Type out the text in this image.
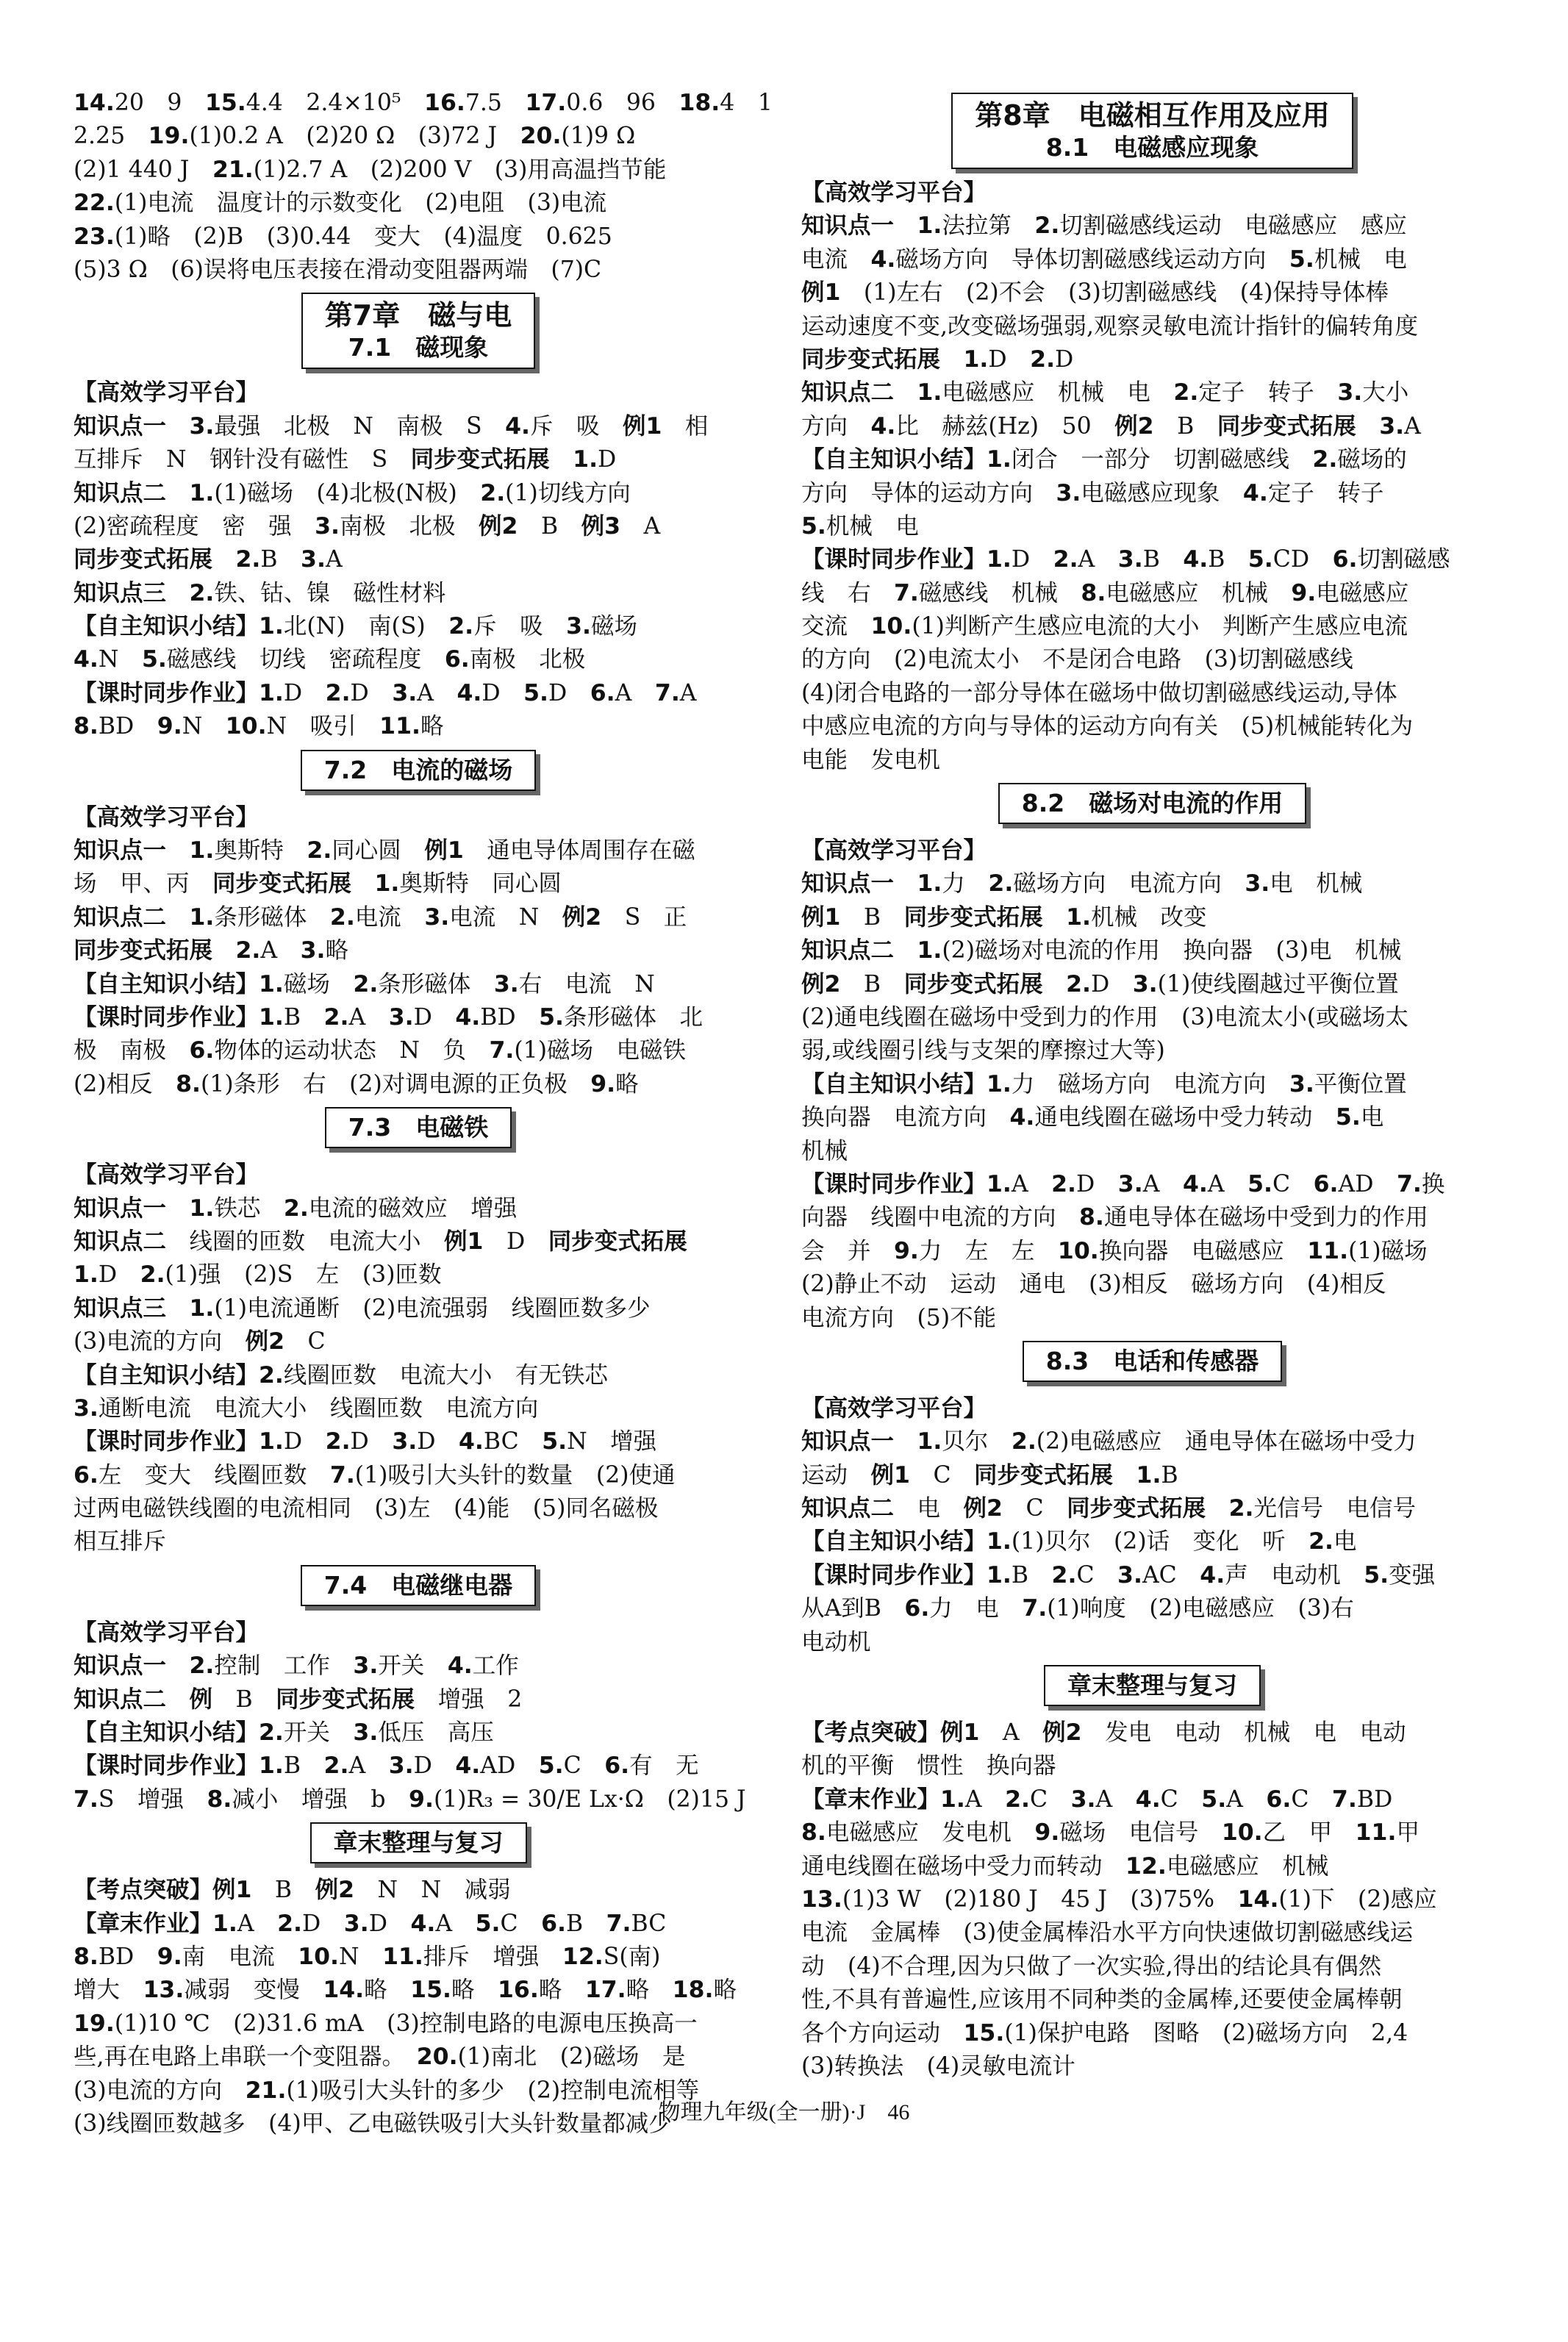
14.20　9　15.4.4　2.4×10⁵　16.7.5　17.0.6　96　18.4　1
2.25　19.(1)0.2 A　(2)20 Ω　(3)72 J　20.(1)9 Ω
(2)1 440 J　21.(1)2.7 A　(2)200 V　(3)用高温挡节能
22.(1)电流　温度计的示数变化　(2)电阻　(3)电流
23.(1)略　(2)B　(3)0.44　变大　(4)温度　0.625
(5)3 Ω　(6)误将电压表接在滑动变阻器两端　(7)C
第7章　磁与电
7.1　磁现象
【高效学习平台】
知识点一　3.最强　北极　N　南极　S　4.斥　吸　例1　相
互排斥　N　钢针没有磁性　S　同步变式拓展　1.D
知识点二　1.(1)磁场　(4)北极(N极)　2.(1)切线方向
(2)密疏程度　密　强　3.南极　北极　例2　B　例3　A
同步变式拓展　2.B　3.A
知识点三　2.铁、钴、镍　磁性材料
【自主知识小结】1.北(N)　南(S)　2.斥　吸　3.磁场
4.N　5.磁感线　切线　密疏程度　6.南极　北极
【课时同步作业】1.D　2.D　3.A　4.D　5.D　6.A　7.A
8.BD　9.N　10.N　吸引　11.略
7.2　电流的磁场
【高效学习平台】
知识点一　1.奥斯特　2.同心圆　例1　通电导体周围存在磁
场　甲、丙　同步变式拓展　1.奥斯特　同心圆
知识点二　1.条形磁体　2.电流　3.电流　N　例2　S　正
同步变式拓展　2.A　3.略
【自主知识小结】1.磁场　2.条形磁体　3.右　电流　N
【课时同步作业】1.B　2.A　3.D　4.BD　5.条形磁体　北
极　南极　6.物体的运动状态　N　负　7.(1)磁场　电磁铁
(2)相反　8.(1)条形　右　(2)对调电源的正负极　9.略
7.3　电磁铁
【高效学习平台】
知识点一　1.铁芯　2.电流的磁效应　增强
知识点二　线圈的匝数　电流大小　例1　D　同步变式拓展
1.D　2.(1)强　(2)S　左　(3)匝数
知识点三　1.(1)电流通断　(2)电流强弱　线圈匝数多少
(3)电流的方向　例2　C
【自主知识小结】2.线圈匝数　电流大小　有无铁芯
3.通断电流　电流大小　线圈匝数　电流方向
【课时同步作业】1.D　2.D　3.D　4.BC　5.N　增强
6.左　变大　线圈匝数　7.(1)吸引大头针的数量　(2)使通
过两电磁铁线圈的电流相同　(3)左　(4)能　(5)同名磁极
相互排斥
7.4　电磁继电器
【高效学习平台】
知识点一　2.控制　工作　3.开关　4.工作
知识点二　例　B　同步变式拓展　增强　2
【自主知识小结】2.开关　3.低压　高压
【课时同步作业】1.B　2.A　3.D　4.AD　5.C　6.有　无
7.S　增强　8.减小　增强　b　9.(1)R₃ = 30/E Lx·Ω　(2)15 J
章末整理与复习
【考点突破】例1　B　例2　N　N　减弱
【章末作业】1.A　2.D　3.D　4.A　5.C　6.B　7.BC
8.BD　9.南　电流　10.N　11.排斥　增强　12.S(南)
增大　13.减弱　变慢　14.略　15.略　16.略　17.略　18.略
19.(1)10 ℃　(2)31.6 mA　(3)控制电路的电源电压换高一
些,再在电路上串联一个变阻器。　20.(1)南北　(2)磁场　是
(3)电流的方向　21.(1)吸引大头针的多少　(2)控制电流相等
(3)线圈匝数越多　(4)甲、乙电磁铁吸引大头针数量都减少
第8章　电磁相互作用及应用
8.1　电磁感应现象
【高效学习平台】
知识点一　1.法拉第　2.切割磁感线运动　电磁感应　感应
电流　4.磁场方向　导体切割磁感线运动方向　5.机械　电
例1　(1)左右　(2)不会　(3)切割磁感线　(4)保持导体棒
运动速度不变,改变磁场强弱,观察灵敏电流计指针的偏转角度
同步变式拓展　1.D　2.D
知识点二　1.电磁感应　机械　电　2.定子　转子　3.大小
方向　4.比　赫兹(Hz)　50　例2　B　同步变式拓展　3.A
【自主知识小结】1.闭合　一部分　切割磁感线　2.磁场的
方向　导体的运动方向　3.电磁感应现象　4.定子　转子
5.机械　电
【课时同步作业】1.D　2.A　3.B　4.B　5.CD　6.切割磁感
线　右　7.磁感线　机械　8.电磁感应　机械　9.电磁感应
交流　10.(1)判断产生感应电流的大小　判断产生感应电流
的方向　(2)电流太小　不是闭合电路　(3)切割磁感线
(4)闭合电路的一部分导体在磁场中做切割磁感线运动,导体
中感应电流的方向与导体的运动方向有关　(5)机械能转化为
电能　发电机
8.2　磁场对电流的作用
【高效学习平台】
知识点一　1.力　2.磁场方向　电流方向　3.电　机械
例1　B　同步变式拓展　1.机械　改变
知识点二　1.(2)磁场对电流的作用　换向器　(3)电　机械
例2　B　同步变式拓展　2.D　3.(1)使线圈越过平衡位置
(2)通电线圈在磁场中受到力的作用　(3)电流太小(或磁场太
弱,或线圈引线与支架的摩擦过大等)
【自主知识小结】1.力　磁场方向　电流方向　3.平衡位置
换向器　电流方向　4.通电线圈在磁场中受力转动　5.电
机械
【课时同步作业】1.A　2.D　3.A　4.A　5.C　6.AD　7.换
向器　线圈中电流的方向　8.通电导体在磁场中受到力的作用
会　并　9.力　左　左　10.换向器　电磁感应　11.(1)磁场
(2)静止不动　运动　通电　(3)相反　磁场方向　(4)相反
电流方向　(5)不能
8.3　电话和传感器
【高效学习平台】
知识点一　1.贝尔　2.(2)电磁感应　通电导体在磁场中受力
运动　例1　C　同步变式拓展　1.B
知识点二　电　例2　C　同步变式拓展　2.光信号　电信号
【自主知识小结】1.(1)贝尔　(2)话　变化　听　2.电
【课时同步作业】1.B　2.C　3.AC　4.声　电动机　5.变强
从A到B　6.力　电　7.(1)响度　(2)电磁感应　(3)右
电动机
章末整理与复习
【考点突破】例1　A　例2　发电　电动　机械　电　电动
机的平衡　惯性　换向器
【章末作业】1.A　2.C　3.A　4.C　5.A　6.C　7.BD
8.电磁感应　发电机　9.磁场　电信号　10.乙　甲　11.甲
通电线圈在磁场中受力而转动　12.电磁感应　机械
13.(1)3 W　(2)180 J　45 J　(3)75%　14.(1)下　(2)感应
电流　金属棒　(3)使金属棒沿水平方向快速做切割磁感线运
动　(4)不合理,因为只做了一次实验,得出的结论具有偶然
性,不具有普遍性,应该用不同种类的金属棒,还要使金属棒朝
各个方向运动　15.(1)保护电路　图略　(2)磁场方向　2,4
(3)转换法　(4)灵敏电流计
物理九年级(全一册)·J　46
